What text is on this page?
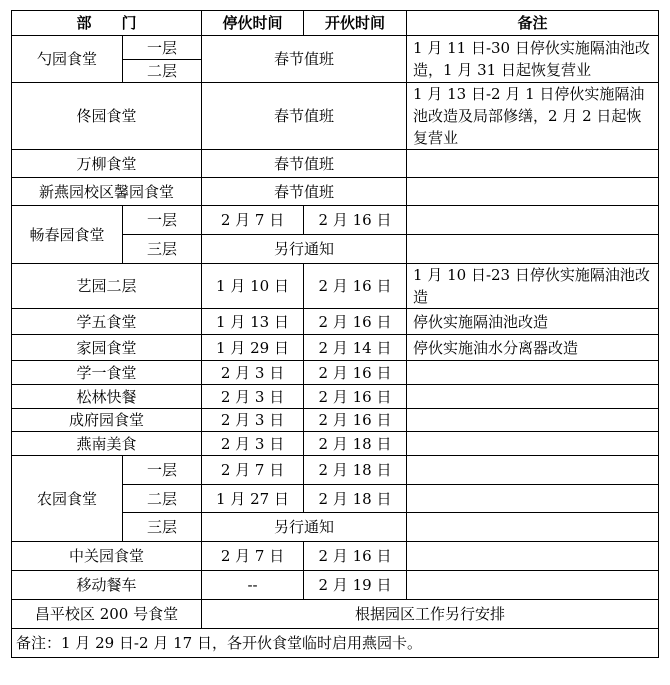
部　　门		停伙时间	开伙时间	备注
勺园食堂	一层	春节值班		1 月 11 日-30 日停伙实施隔油池改造，1 月 31 日起恢复营业
	二层			
佟园食堂		春节值班		1 月 13 日-2 月 1 日停伙实施隔油池改造及局部修缮，2 月 2 日起恢复营业
万柳食堂		春节值班		
新燕园校区馨园食堂		春节值班		
畅春园食堂	一层	2 月 7 日	2 月 16 日	
	三层	另行通知		
艺园二层		1 月 10 日	2 月 16 日	1 月 10 日-23 日停伙实施隔油池改造
学五食堂		1 月 13 日	2 月 16 日	停伙实施隔油池改造
家园食堂		1 月 29 日	2 月 14 日	停伙实施油水分离器改造
学一食堂		2 月 3 日	2 月 16 日	
松林快餐		2 月 3 日	2 月 16 日	
成府园食堂		2 月 3 日	2 月 16 日	
燕南美食		2 月 3 日	2 月 18 日	
农园食堂	一层	2 月 7 日	2 月 18 日	
	二层	1 月 27 日	2 月 18 日	
	三层	另行通知		
中关园食堂		2 月 7 日	2 月 16 日	
移动餐车		--	2 月 19 日	
昌平校区 200 号食堂		根据园区工作另行安排		
备注：1 月 29 日-2 月 17 日，各开伙食堂临时启用燕园卡。				
